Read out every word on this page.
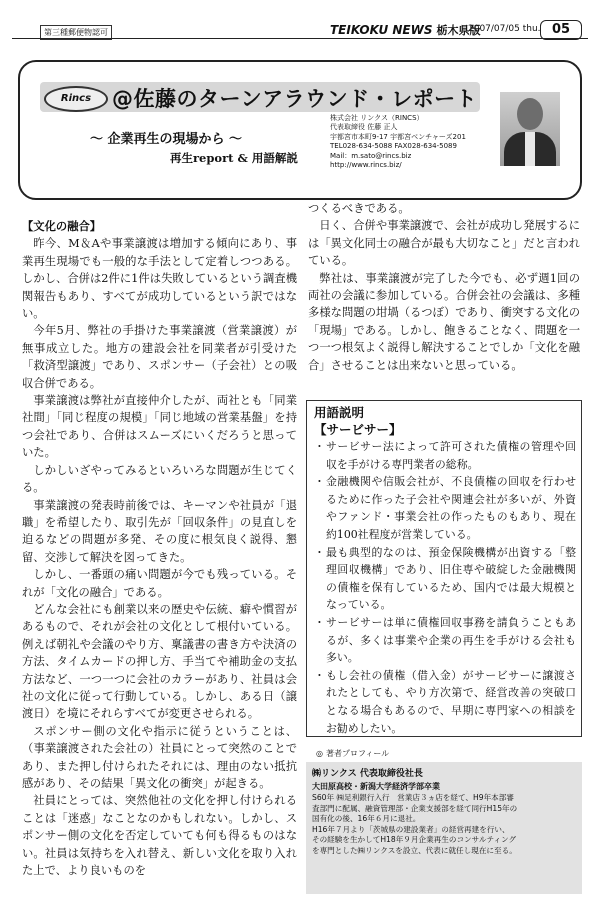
第三種郵便物認可	TEIKOKU NEWS 栃木県版
2007/07/05 thu. 05
Rincs @佐藤のターンアラウンド・レポート
～ 企業再生の現場から ～
再生report & 用語解説
株式会社 リンクス（RINCS）
代表取締役 佐藤 正人
宇都宮市本町9-17 宇都宮ベンチャーズ201
TEL028-634-5088 FAX028-634-5089
Mail：m.sato@rincs.biz
http://www.rincs.biz/

【文化の融合】

昨今、M＆Aや事業譲渡は増加する傾向にあり、事業再生現場でも一般的な手法として定着しつつある。しかし、合併は2件に1件は失敗しているという調査機関報告もあり、すべてが成功しているという訳ではない。

今年5月、弊社の手掛けた事業譲渡（営業譲渡）が無事成立した。地方の建設会社を同業者が引受けた「救済型譲渡」であり、スポンサー（子会社）との吸収合併である。

事業譲渡は弊社が直接仲介したが、両社とも「同業社間」「同じ程度の規模」「同じ地域の営業基盤」を持つ会社であり、合併はスムーズにいくだろうと思っていた。

しかしいざやってみるといろいろな問題が生じてくる。

事業譲渡の発表時前後では、キーマンや社員が「退職」を希望したり、取引先が「回収条件」の見直しを迫るなどの問題が多発、その度に根気良く説得、懇留、交渉して解決を図ってきた。

しかし、一番頭の痛い問題が今でも残っている。それが「文化の融合」である。

どんな会社にも創業以来の歴史や伝統、癖や慣習があるもので、それが会社の文化として根付いている。例えば朝礼や会議のやり方、稟議書の書き方や決済の方法、タイムカードの押し方、手当てや補助金の支払方法など、一つ一つに会社のカラーがあり、社員は会社の文化に従って行動している。しかし、ある日（譲渡日）を境にそれらすべてが変更させられる。

スポンサー側の文化や指示に従うということは、（事業譲渡された会社の）社員にとって突然のことであり、また押し付けられたそれには、理由のない抵抗感があり、その結果「異文化の衝突」が起きる。

社員にとっては、突然他社の文化を押し付けられることは「迷惑」なことなのかもしれない。しかし、スポンサー側の文化を否定していても何も得るものはない。社員は気持ちを入れ替え、新しい文化を取り入れた上で、より良いものを

つくるべきである。

日く、合併や事業譲渡で、会社が成功し発展するには「異文化同士の融合が最も大切なこと」だと言われている。

弊社は、事業譲渡が完了した今でも、必ず週1回の両社の会議に参加している。合併会社の会議は、多種多様な問題の坩堝（るつぼ）であり、衝突する文化の「現場」である。しかし、飽きることなく、問題を一つ一つ根気よく説得し解決することでしか「文化を融合」させることは出来ないと思っている。

用語説明
【サービサー】
・ サービサー法によって許可された債権の管理や回収を手がける専門業者の総称。
・ 金融機関や信販会社が、不良債権の回収を行わせるために作った子会社や関連会社が多いが、外資やファンド・事業会社の作ったものもあり、現在約100社程度が営業している。
・ 最も典型的なのは、預金保険機構が出資する「整理回収機構」であり、旧住専や破綻した金融機関の債権を保有しているため、国内では最大規模となっている。
・ サービサーは単に債権回収事務を請負うこともあるが、多くは事業や企業の再生を手がける会社も多い。
・ もし会社の債権（借入金）がサービサーに譲渡されたとしても、やり方次第で、経営改善の突破口となる場合もあるので、早期に専門家への相談をお勧めしたい。
◎ 著者プロフィール
㈱リンクス 代表取締役社長
大田原高校・新潟大学経済学部卒業
S60年 ㈱足利銀行入行　営業店３ヵ店を経て、H9年本部審
査部門に配属、融資管理部・企業支援部を経て同行H15年の
国有化の後、16年６月に退社。
H16年７月より「茨城県の建設業者」の経営再建を行い、
その経験を生かしてH18年９月企業再生のコンサルティング
を専門とした㈱リンクスを設立、代表に就任し現在に至る。
